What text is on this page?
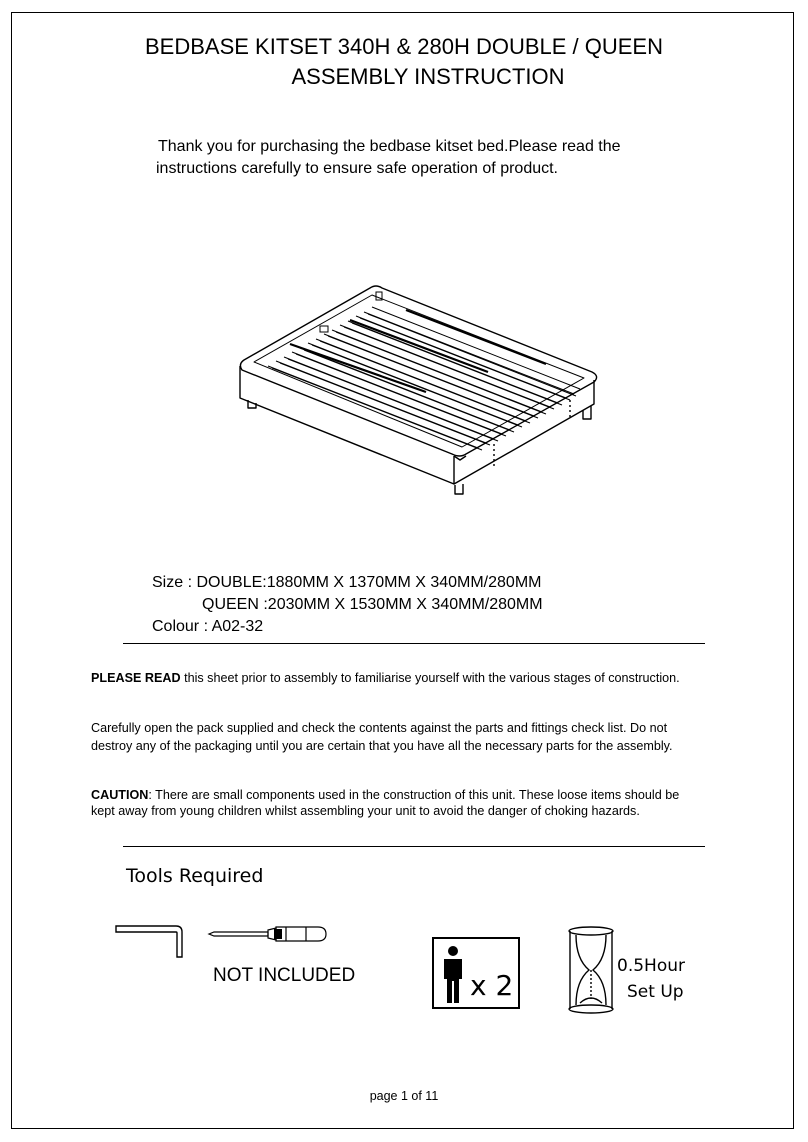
BEDBASE KITSET 340H & 280H DOUBLE / QUEEN
ASSEMBLY INSTRUCTION
Thank you for purchasing the bedbase kitset bed.Please read the
instructions carefully to ensure safe operation of product.
Size : DOUBLE:1880MM X 1370MM X 340MM/280MM
QUEEN :2030MM X 1530MM X 340MM/280MM
Colour : A02-32
PLEASE READ this sheet prior to assembly to familiarise yourself with the various stages of construction.
Carefully open the pack supplied and check the contents against the parts and fittings check list. Do not
destroy any of the packaging until you are certain that you have all the necessary parts for the assembly.
CAUTION: There are small components used in the construction of this unit. These loose items should be
kept away from young children whilst assembling your unit to avoid the danger of choking hazards.
Tools Required
NOT INCLUDED	x 2
0.5Hour
Set Up
page 1 of 11
